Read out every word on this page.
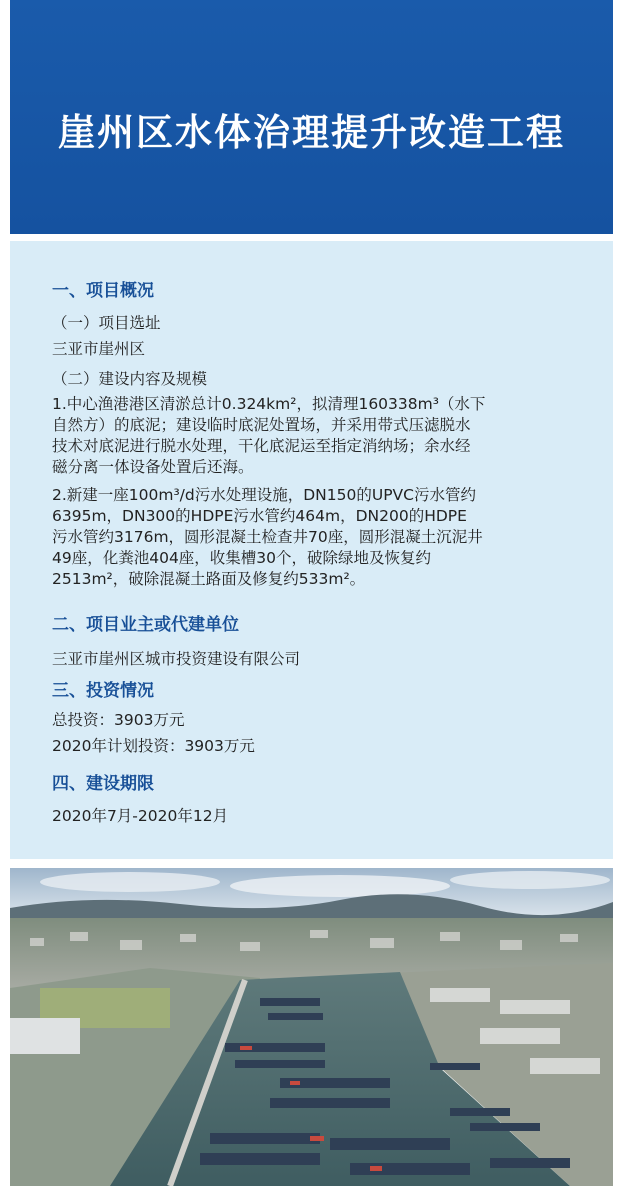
崖州区水体治理提升改造工程
一、项目概况
（一）项目选址
三亚市崖州区
（二）建设内容及规模
1.中心渔港港区清淤总计0.324km²，拟清理160338m³（水下
自然方）的底泥；建设临时底泥处置场，并采用带式压滤脱水
技术对底泥进行脱水处理，干化底泥运至指定消纳场；余水经
磁分离一体设备处置后还海。
2.新建一座100m³/d污水处理设施，DN150的UPVC污水管约
6395m，DN300的HDPE污水管约464m，DN200的HDPE
污水管约3176m，圆形混凝土检查井70座，圆形混凝土沉泥井
49座，化粪池404座，收集槽30个，破除绿地及恢复约
2513m²，破除混凝土路面及修复约533m²。
二、项目业主或代建单位
三亚市崖州区城市投资建设有限公司
三、投资情况
总投资：3903万元
2020年计划投资：3903万元
四、建设期限
2020年7月-2020年12月
